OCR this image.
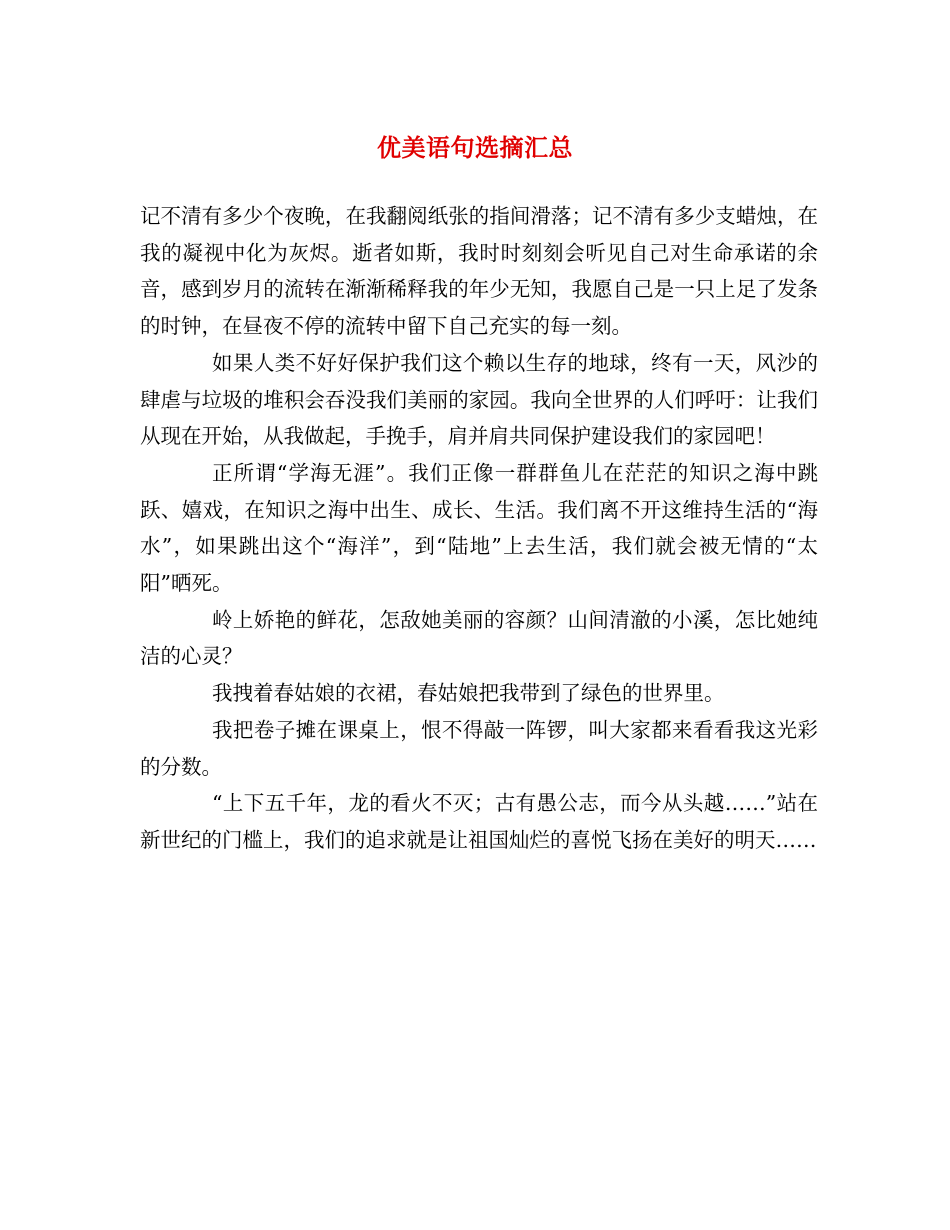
优美语句选摘汇总

记不清有多少个夜晚，在我翻阅纸张的指间滑落；记不清有多少支蜡烛，在我的凝视中化为灰烬。逝者如斯，我时时刻刻会听见自己对生命承诺的余音，感到岁月的流转在渐渐稀释我的年少无知，我愿自己是一只上足了发条的时钟，在昼夜不停的流转中留下自己充实的每一刻。

如果人类不好好保护我们这个赖以生存的地球，终有一天，风沙的肆虐与垃圾的堆积会吞没我们美丽的家园。我向全世界的人们呼吁：让我们从现在开始，从我做起，手挽手，肩并肩共同保护建设我们的家园吧！

正所谓“学海无涯”。我们正像一群群鱼儿在茫茫的知识之海中跳跃、嬉戏，在知识之海中出生、成长、生活。我们离不开这维持生活的“海水”，如果跳出这个“海洋”，到“陆地”上去生活，我们就会被无情的“太阳”晒死。

岭上娇艳的鲜花，怎敌她美丽的容颜？山间清澈的小溪，怎比她纯洁的心灵？

我拽着春姑娘的衣裙，春姑娘把我带到了绿色的世界里。

我把卷子摊在课桌上，恨不得敲一阵锣，叫大家都来看看我这光彩的分数。

“上下五千年，龙的看火不灭；古有愚公志，而今从头越……”站在新世纪的门槛上，我们的追求就是让祖国灿烂的喜悦飞扬在美好的明天……
